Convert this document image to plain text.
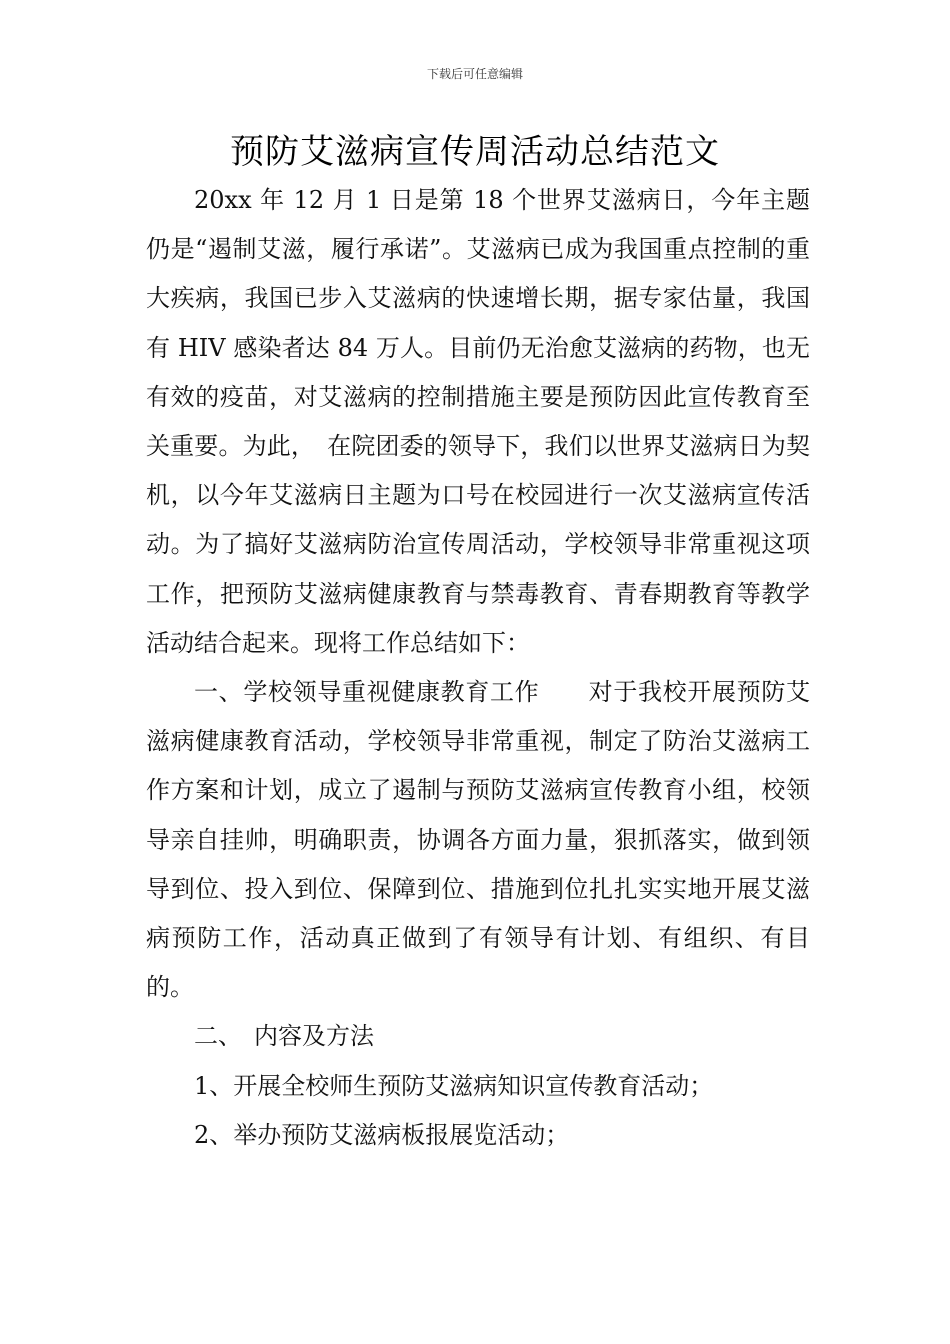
下载后可任意编辑
预防艾滋病宣传周活动总结范文

20xx 年 12 月 1 日是第 18 个世界艾滋病日，今年主题仍是“遏制艾滋，履行承诺”。艾滋病已成为我国重点控制的重大疾病，我国已步入艾滋病的快速增长期，据专家估量，我国有 HIV 感染者达 84 万人。目前仍无治愈艾滋病的药物，也无有效的疫苗，对艾滋病的控制措施主要是预防因此宣传教育至关重要。为此，　在院团委的领导下，我们以世界艾滋病日为契机，以今年艾滋病日主题为口号在校园进行一次艾滋病宣传活动。为了搞好艾滋病防治宣传周活动，学校领导非常重视这项工作，把预防艾滋病健康教育与禁毒教育、青春期教育等教学活动结合起来。现将工作总结如下：

一、学校领导重视健康教育工作　　对于我校开展预防艾滋病健康教育活动，学校领导非常重视，制定了防治艾滋病工作方案和计划，成立了遏制与预防艾滋病宣传教育小组，校领导亲自挂帅，明确职责，协调各方面力量，狠抓落实，做到领导到位、投入到位、保障到位、措施到位扎扎实实地开展艾滋病预防工作，活动真正做到了有领导有计划、有组织、有目的。

二、　内容及方法

1、开展全校师生预防艾滋病知识宣传教育活动；

2、举办预防艾滋病板报展览活动；
